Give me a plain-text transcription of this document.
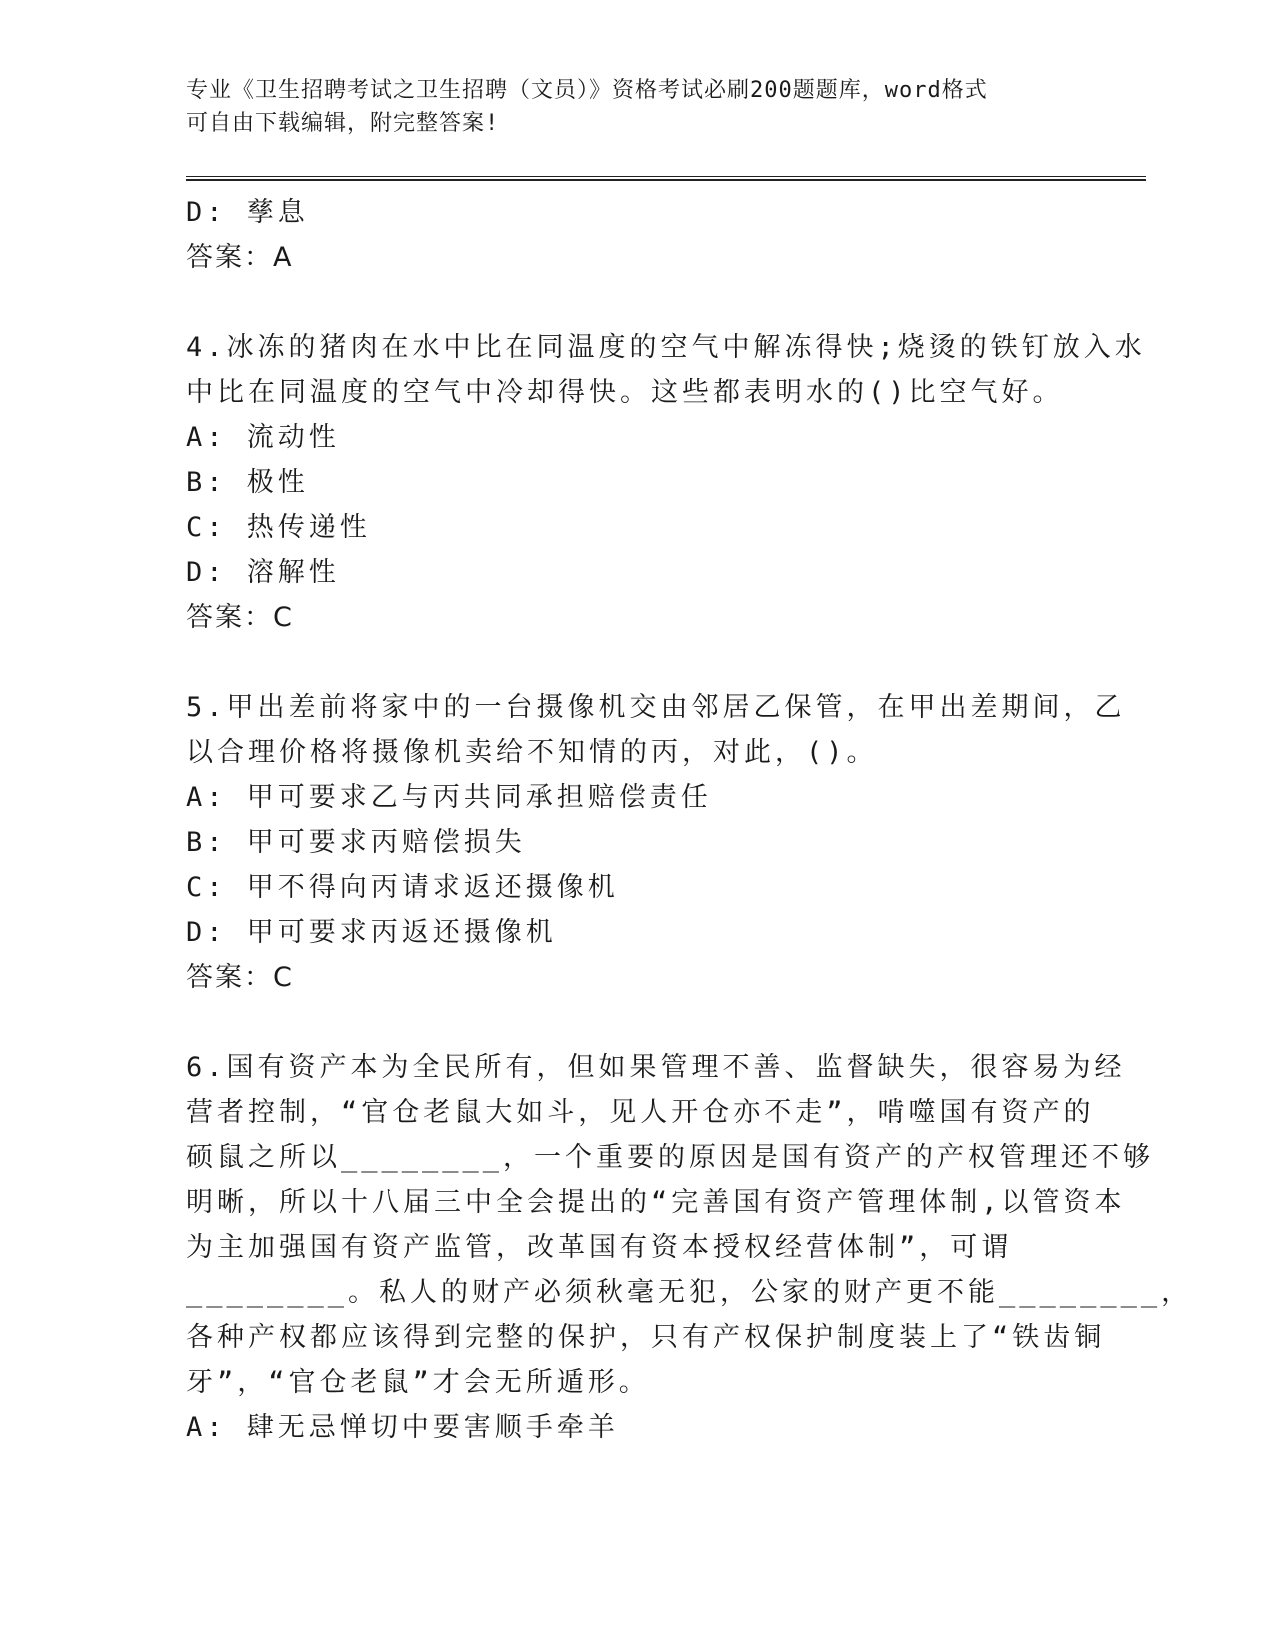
专业《卫生招聘考试之卫生招聘（文员）》资格考试必刷200题题库，word格式
可自由下载编辑，附完整答案!
D: 孳息
答案：A
4.冰冻的猪肉在水中比在同温度的空气中解冻得快;烧烫的铁钉放入水
中比在同温度的空气中冷却得快。这些都表明水的()比空气好。
A: 流动性
B: 极性
C: 热传递性
D: 溶解性
答案：C
5.甲出差前将家中的一台摄像机交由邻居乙保管，在甲出差期间，乙
以合理价格将摄像机卖给不知情的丙，对此，()。
A: 甲可要求乙与丙共同承担赔偿责任
B: 甲可要求丙赔偿损失
C: 甲不得向丙请求返还摄像机
D: 甲可要求丙返还摄像机
答案：C
6.国有资产本为全民所有，但如果管理不善、监督缺失，很容易为经
营者控制，“官仓老鼠大如斗，见人开仓亦不走”，啃噬国有资产的
硕鼠之所以________，一个重要的原因是国有资产的产权管理还不够
明晰，所以十八届三中全会提出的“完善国有资产管理体制,以管资本
为主加强国有资产监管，改革国有资本授权经营体制”，可谓
________。私人的财产必须秋毫无犯，公家的财产更不能________，
各种产权都应该得到完整的保护，只有产权保护制度装上了“铁齿铜
牙”，“官仓老鼠”才会无所遁形。
A: 肆无忌惮切中要害顺手牵羊
